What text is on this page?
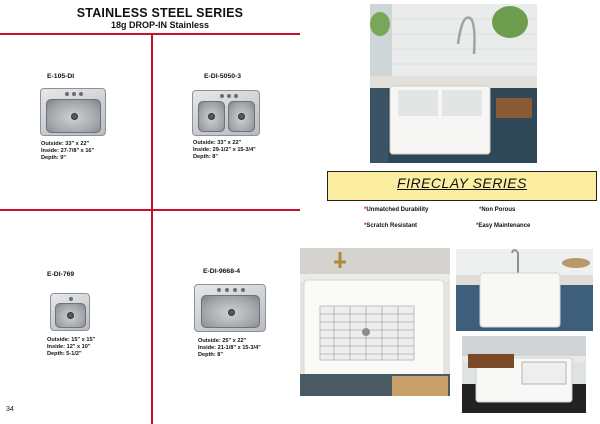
STAINLESS STEEL SERIES
18g DROP-IN Stainless
E-105-DI
Outside: 33" x 22"
Inside: 27-7/8" x 16"
Depth: 9"
E-DI-5050-3
Outside: 33" x 22"
Inside: 29-1/2" x 15-3/4"
Depth: 8"
E-DI-769
Outside: 15" x 15"
Inside: 12" x 10"
Depth: 5-1/2"
E-DI-9668-4
Outside: 25" x 22"
Inside: 21-1/8" x 15-3/4"
Depth: 8"
34
FIRECLAY SERIES
*Unmatched Durability	*Non Porous
*Scratch Resistant	*Easy Maintenance
